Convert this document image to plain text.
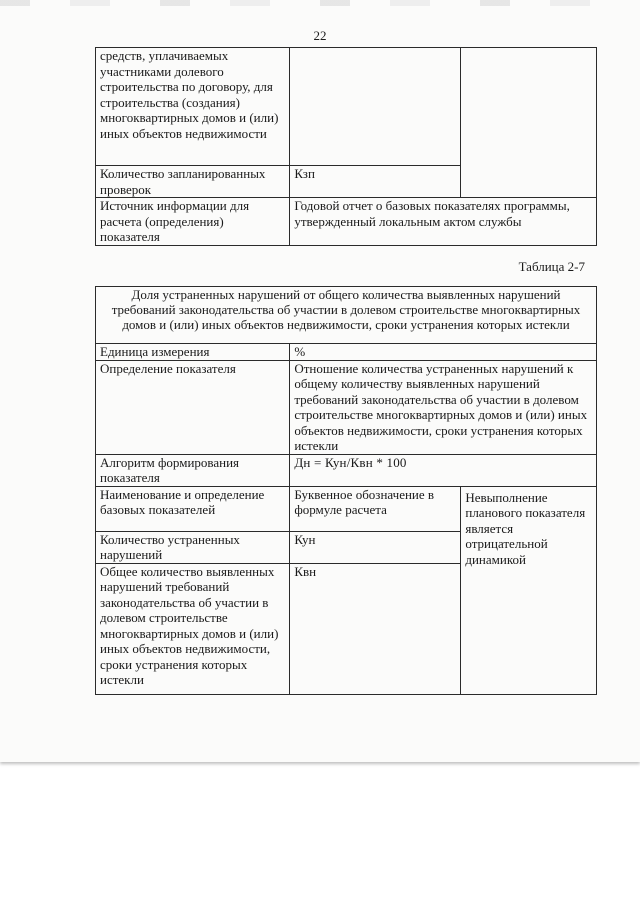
22
средств, уплачиваемых участниками долевого строительства по договору, для строительства (создания) многоквартирных домов и (или) иных объектов недвижимости		
Количество запланированных проверок	Кзп	
Источник информации для расчета (определения) показателя	Годовой отчет о базовых показателях программы, утвержденный локальным актом службы	
Таблица 2-7
Доля устраненных нарушений от общего количества выявленных нарушений требований законодательства об участии в долевом строительстве многоквартирных домов и (или) иных объектов недвижимости, сроки устранения которых истекли		
Единица измерения	%	
Определение показателя	Отношение количества устраненных нарушений к общему количеству выявленных нарушений требований законодательства об участии в долевом строительстве многоквартирных домов и (или) иных объектов недвижимости, сроки устранения которых истекли	
Алгоритм формирования показателя	Дн = Кун/Квн * 100	
Наименование и определение базовых показателей	Буквенное обозначение в формуле расчета	Невыполнение планового показателя является отрицательной динамикой
Количество устраненных нарушений	Кун	
Общее количество выявленных нарушений требований законодательства об участии в долевом строительстве многоквартирных домов и (или) иных объектов недвижимости, сроки устранения которых истекли	Квн	
